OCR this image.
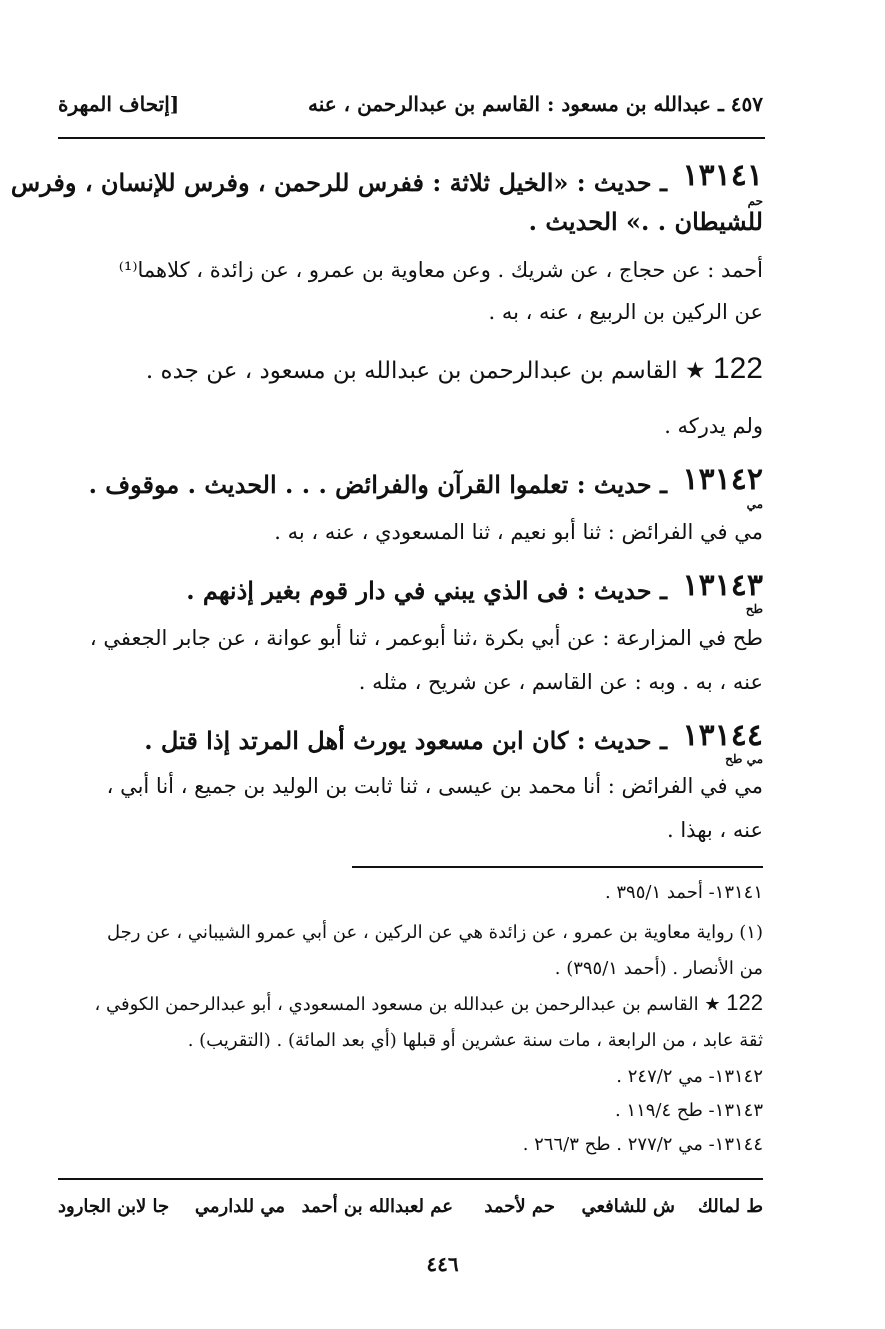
٤٥٧ ـ عبدالله بن مسعود : القاسم بن عبدالرحمن ، عنه
[إتحاف المهرة
١٣١٤١
ـ حديث : «الخيل ثلاثة : ففرس للرحمن ، وفرس للإنسان ، وفرس
حم
للشيطان . .» الحديث .
أحمد : عن حجاج ، عن شريك . وعن معاوية بن عمرو ، عن زائدة ، كلاهما⁽¹⁾
عن الركين بن الربيع ، عنه ، به .
122 ★ القاسم بن عبدالرحمن بن عبدالله بن مسعود ، عن جده .
ولم يدركه .
١٣١٤٢
ـ حديث : تعلموا القرآن والفرائض . . . الحديث . موقوف .
مي
مي في الفرائض : ثنا أبو نعيم ، ثنا المسعودي ، عنه ، به .
١٣١٤٣
ـ حديث : فى الذي يبني في دار قوم بغير إذنهم .
طح
طح في المزارعة : عن أبي بكرة ،ثنا أبوعمر ، ثنا أبو عوانة ، عن جابر الجعفي ،
عنه ، به . وبه : عن القاسم ، عن شريح ، مثله .
١٣١٤٤
ـ حديث : كان ابن مسعود يورث أهل المرتد إذا قتل .
مي طح
مي في الفرائض : أنا محمد بن عيسى ، ثنا ثابت بن الوليد بن جميع ، أنا أبي ،
عنه ، بهذا .
١٣١٤١- أحمد ٣٩٥/١ .
(١) رواية معاوية بن عمرو ، عن زائدة هي عن الركين ، عن أبي عمرو الشيباني ، عن رجل
من الأنصار . (أحمد ٣٩٥/١) .
122 ★ القاسم بن عبدالرحمن بن عبدالله بن مسعود المسعودي ، أبو عبدالرحمن الكوفي ،
ثقة عابد ، من الرابعة ، مات سنة عشرين أو قبلها (أي بعد المائة) . (التقريب) .
١٣١٤٢- مي ٢٤٧/٢ .
١٣١٤٣- طح ١١٩/٤ .
١٣١٤٤- مي ٢٧٧/٢ . طح ٢٦٦/٣ .
ط لمالك
ش للشافعي
حم لأحمد
عم لعبدالله بن أحمد
مي للدارمي
جا لابن الجارود
٤٤٦
